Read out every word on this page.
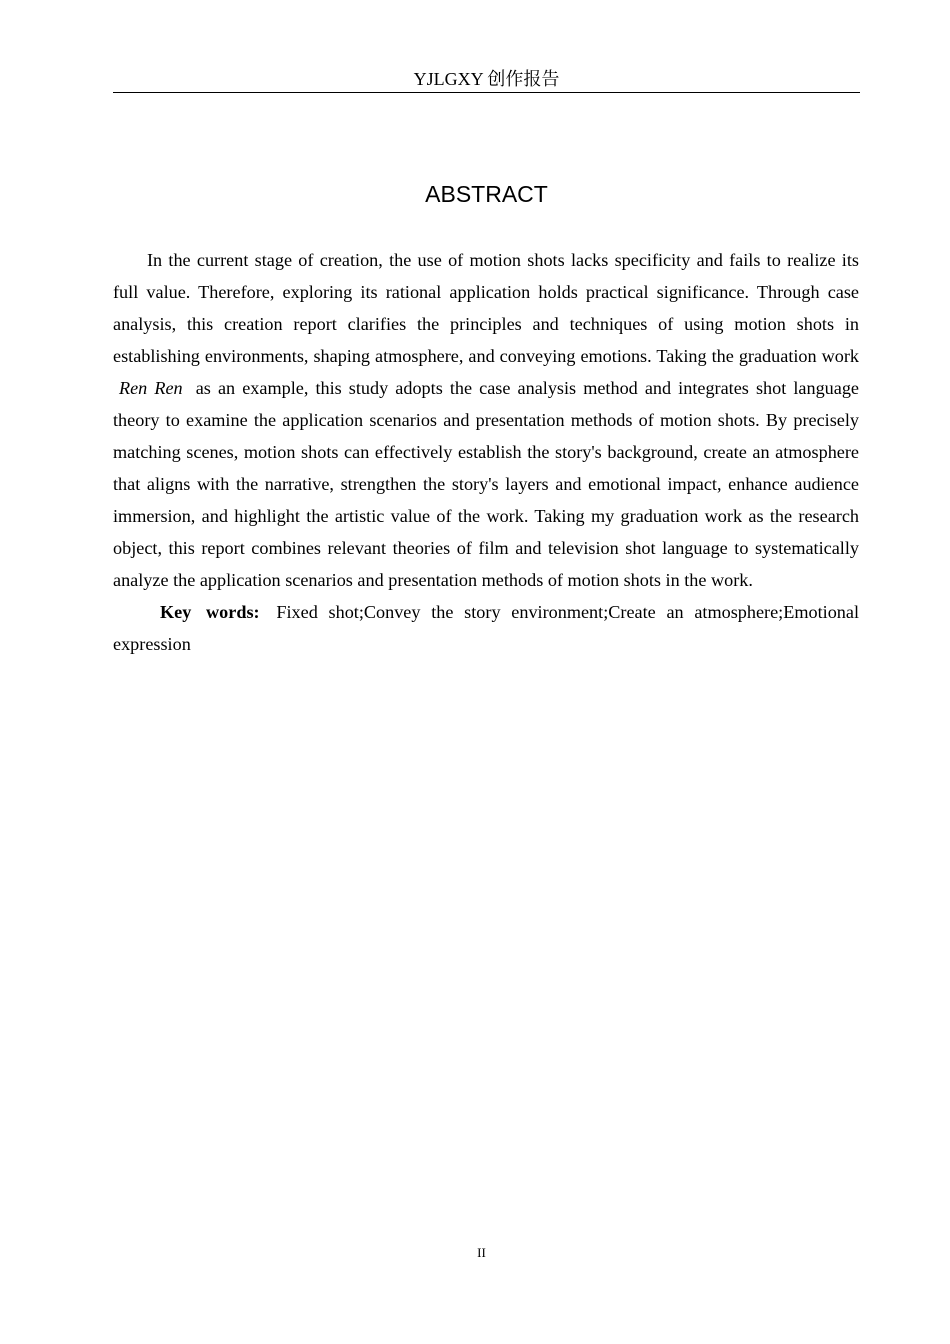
YJLGXY 创作报告
ABSTRACT

In the current stage of creation, the use of motion shots lacks specificity and fails to realize its full value. Therefore, exploring its rational application holds practical significance. Through case analysis, this creation report clarifies the principles and techniques of using motion shots in establishing environments, shaping atmosphere, and conveying emotions. Taking the graduation work Ren Ren as an example, this study adopts the case analysis method and integrates shot language theory to examine the application scenarios and presentation methods of motion shots. By precisely matching scenes, motion shots can effectively establish the story's background, create an atmosphere that aligns with the narrative, strengthen the story's layers and emotional impact, enhance audience immersion, and highlight the artistic value of the work. Taking my graduation work as the research object, this report combines relevant theories of film and television shot language to systematically analyze the application scenarios and presentation methods of motion shots in the work.

Key words: Fixed shot;Convey the story environment;Create an atmosphere;Emotional expression

II
